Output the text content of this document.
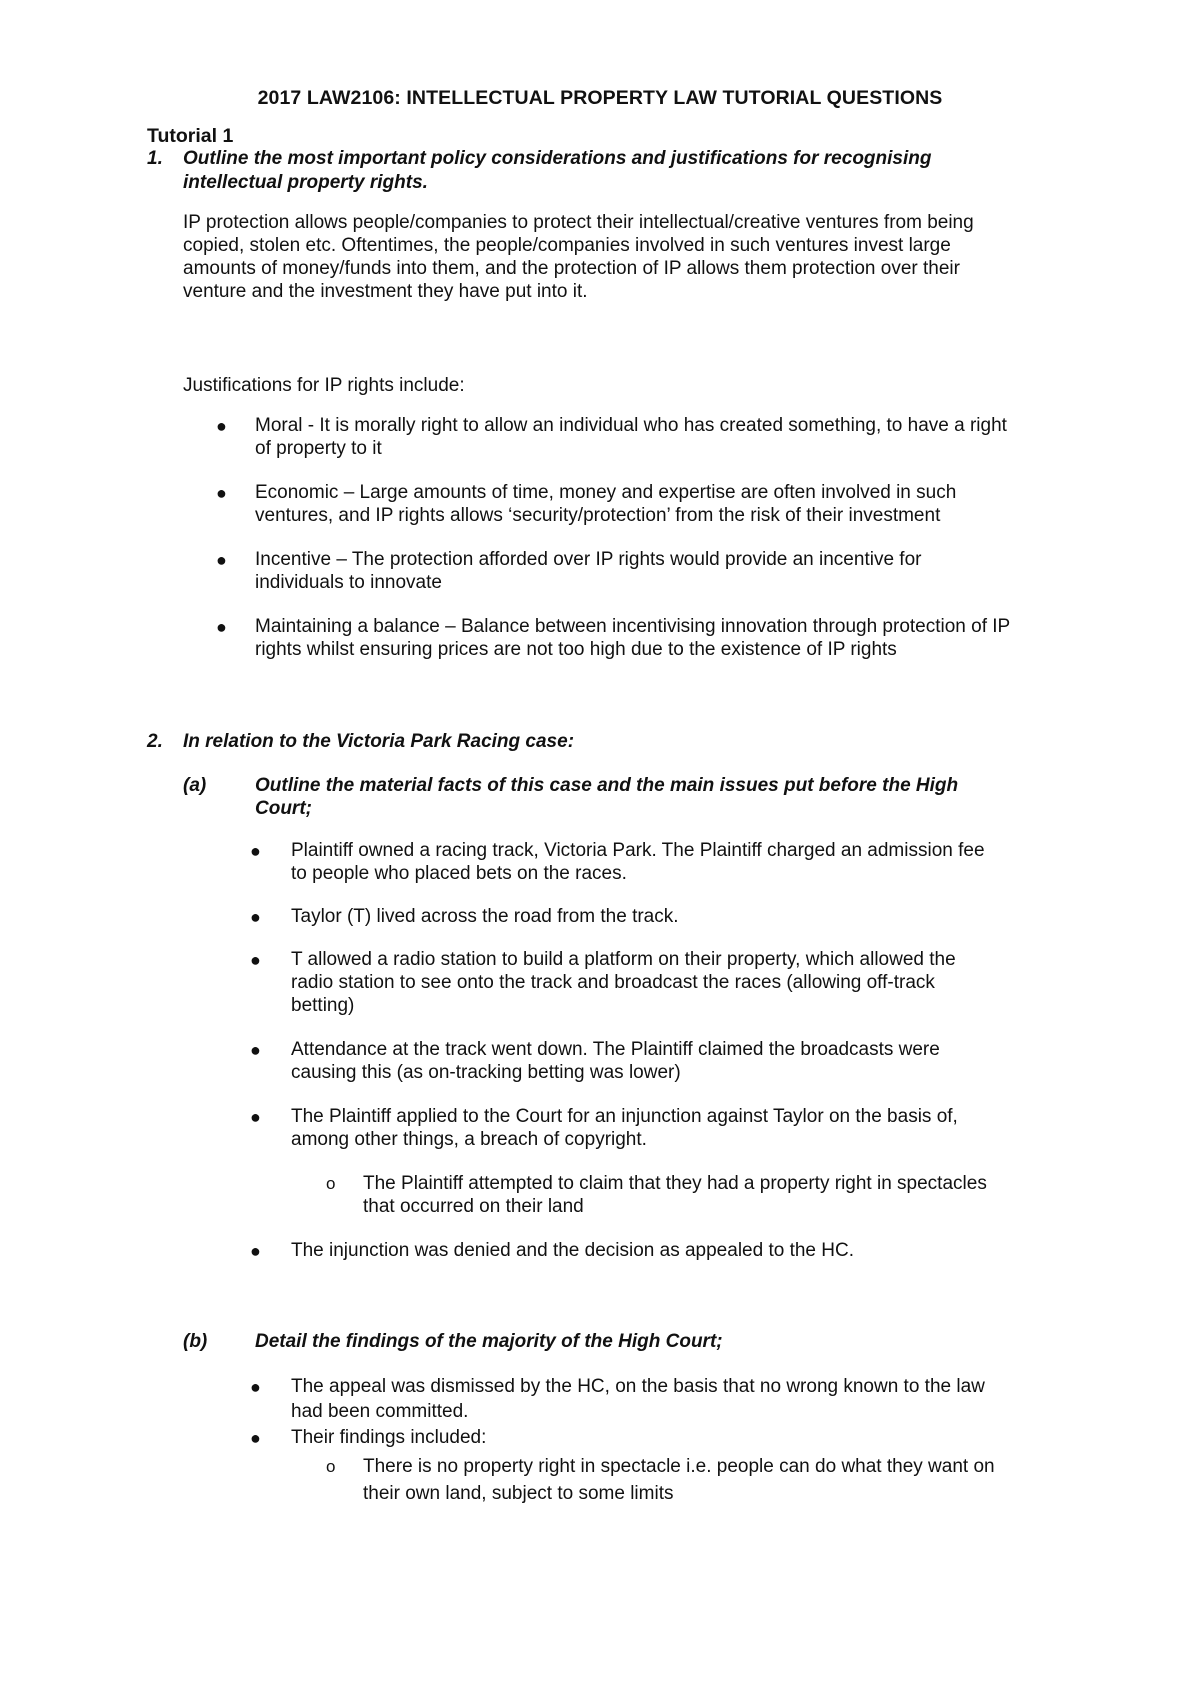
2017 LAW2106: INTELLECTUAL PROPERTY LAW TUTORIAL QUESTIONS
Tutorial 1
1. Outline the most important policy considerations and justifications for recognising
intellectual property rights.
IP protection allows people/companies to protect their intellectual/creative ventures from being
copied, stolen etc. Oftentimes, the people/companies involved in such ventures invest large
amounts of money/funds into them, and the protection of IP allows them protection over their
venture and the investment they have put into it.
Justifications for IP rights include:
● Moral - It is morally right to allow an individual who has created something, to have a right
of property to it
● Economic – Large amounts of time, money and expertise are often involved in such
ventures, and IP rights allows ‘security/protection’ from the risk of their investment
● Incentive – The protection afforded over IP rights would provide an incentive for
individuals to innovate
● Maintaining a balance – Balance between incentivising innovation through protection of IP
rights whilst ensuring prices are not too high due to the existence of IP rights
2. In relation to the Victoria Park Racing case:
(a)	Outline the material facts of this case and the main issues put before the High
Court;
● Plaintiff owned a racing track, Victoria Park. The Plaintiff charged an admission fee
to people who placed bets on the races.
● Taylor (T) lived across the road from the track.
● T allowed a radio station to build a platform on their property, which allowed the
radio station to see onto the track and broadcast the races (allowing off-track
betting)
● Attendance at the track went down. The Plaintiff claimed the broadcasts were
causing this (as on-tracking betting was lower)
● The Plaintiff applied to the Court for an injunction against Taylor on the basis of,
among other things, a breach of copyright.
o The Plaintiff attempted to claim that they had a property right in spectacles
that occurred on their land
● The injunction was denied and the decision as appealed to the HC.
(b)	Detail the findings of the majority of the High Court;
● The appeal was dismissed by the HC, on the basis that no wrong known to the law
had been committed.
● Their findings included:
o There is no property right in spectacle i.e. people can do what they want on
their own land, subject to some limits
